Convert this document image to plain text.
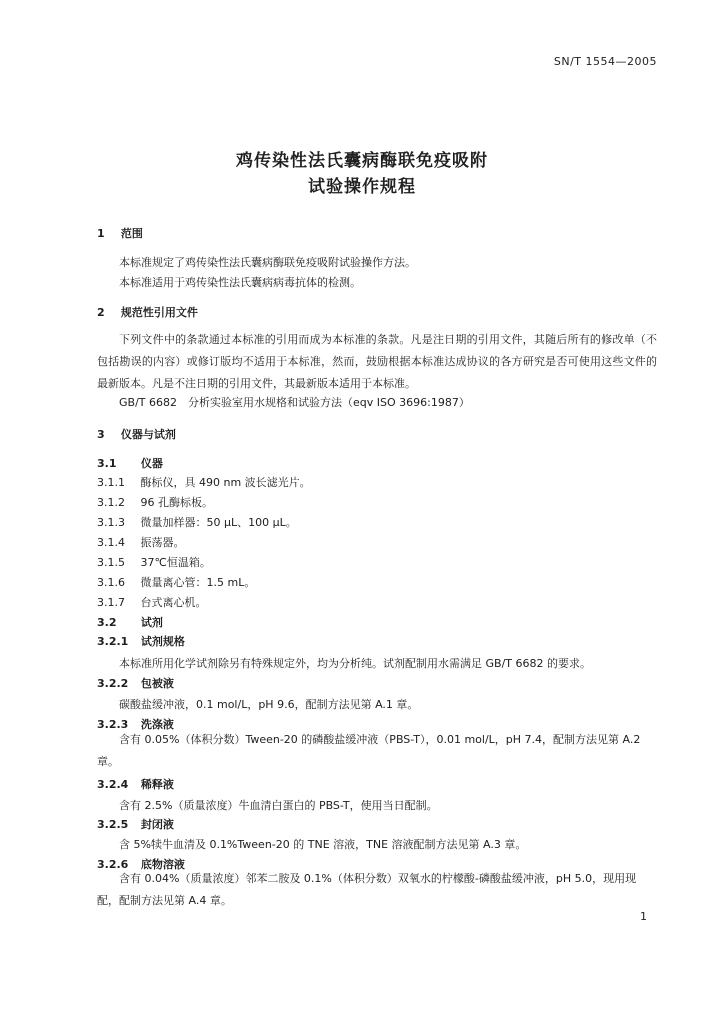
SN/T 1554—2005
鸡传染性法氏囊病酶联免疫吸附
试验操作规程
1 范围
本标准规定了鸡传染性法氏囊病酶联免疫吸附试验操作方法。
本标准适用于鸡传染性法氏囊病病毒抗体的检测。
2 规范性引用文件
下列文件中的条款通过本标准的引用而成为本标准的条款。凡是注日期的引用文件，其随后所有的修改单（不包括勘误的内容）或修订版均不适用于本标准，然而，鼓励根据本标准达成协议的各方研究是否可使用这些文件的最新版本。凡是不注日期的引用文件，其最新版本适用于本标准。
GB/T 6682　分析实验室用水规格和试验方法（eqv ISO 3696:1987）
3 仪器与试剂
3.1 仪器
3.1.1 酶标仪，具 490 nm 波长滤光片。
3.1.2 96 孔酶标板。
3.1.3 微量加样器：50 μL、100 μL。
3.1.4 振荡器。
3.1.5 37℃恒温箱。
3.1.6 微量离心管：1.5 mL。
3.1.7 台式离心机。
3.2 试剂
3.2.1 试剂规格
本标准所用化学试剂除另有特殊规定外，均为分析纯。试剂配制用水需满足 GB/T 6682 的要求。
3.2.2 包被液
碳酸盐缓冲液，0.1 mol/L，pH 9.6，配制方法见第 A.1 章。
3.2.3 洗涤液
含有 0.05%（体积分数）Tween-20 的磷酸盐缓冲液（PBS-T），0.01 mol/L，pH 7.4，配制方法见第 A.2 章。
3.2.4 稀释液
含有 2.5%（质量浓度）牛血清白蛋白的 PBS-T，使用当日配制。
3.2.5 封闭液
含 5%犊牛血清及 0.1%Tween-20 的 TNE 溶液，TNE 溶液配制方法见第 A.3 章。
3.2.6 底物溶液
含有 0.04%（质量浓度）邻苯二胺及 0.1%（体积分数）双氧水的柠檬酸-磷酸盐缓冲液，pH 5.0，现用现配，配制方法见第 A.4 章。
1
